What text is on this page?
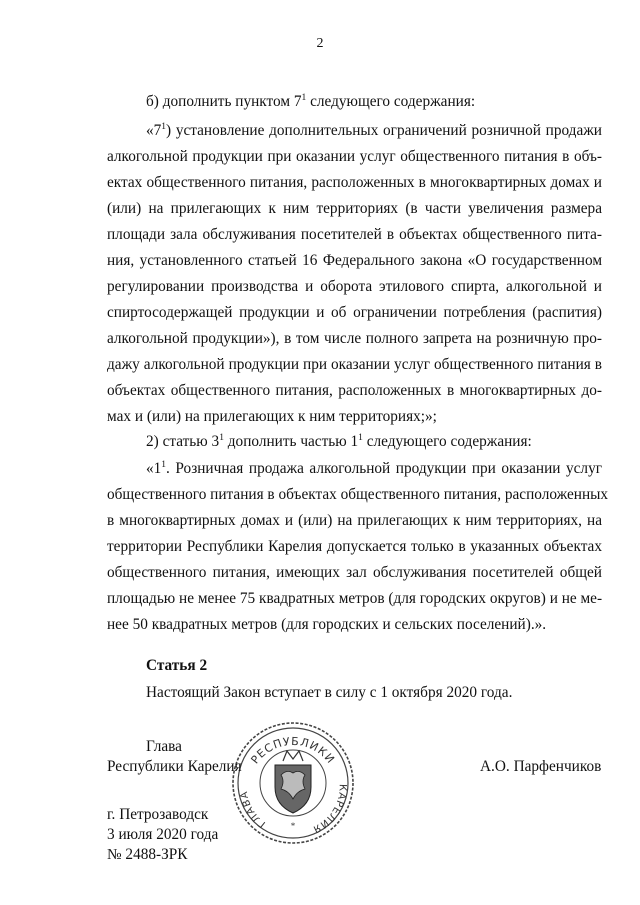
2
б) дополнить пунктом $7^1$ следующего содержания:
«$7^1$) установление дополнительных ограничений розничной продажи
алкогольной продукции при оказании услуг общественного питания в объ-
ектах общественного питания, расположенных в многоквартирных домах и
(или) на прилегающих к ним территориях (в части увеличения размера
площади зала обслуживания посетителей в объектах общественного пита-
ния, установленного статьей 16 Федерального закона «О государственном
регулировании производства и оборота этилового спирта, алкогольной и
спиртосодержащей продукции и об ограничении потребления (распития)
алкогольной продукции»), в том числе полного запрета на розничную про-
дажу алкогольной продукции при оказании услуг общественного питания в
объектах общественного питания, расположенных в многоквартирных до-
мах и (или) на прилегающих к ним территориях;»;
2) статью $3^1$ дополнить частью $1^1$ следующего содержания:
«$1^1$. Розничная продажа алкогольной продукции при оказании услуг
общественного питания в объектах общественного питания, расположенных
в многоквартирных домах и (или) на прилегающих к ним территориях, на
территории Республики Карелия допускается только в указанных объектах
общественного питания, имеющих зал обслуживания посетителей общей
площадью не менее 75 квадратных метров (для городских округов) и не ме-
нее 50 квадратных метров (для городских и сельских поселений).».
Статья 2
Настоящий Закон вступает в силу с 1 октября 2020 года.
РЕСПУБЛИКИ
ГЛАВА
КАРЕЛИЯ
*
Глава
Республики Карелия	А.О. Парфенчиков
г. Петрозаводск
3 июля 2020 года
№ 2488-ЗРК
